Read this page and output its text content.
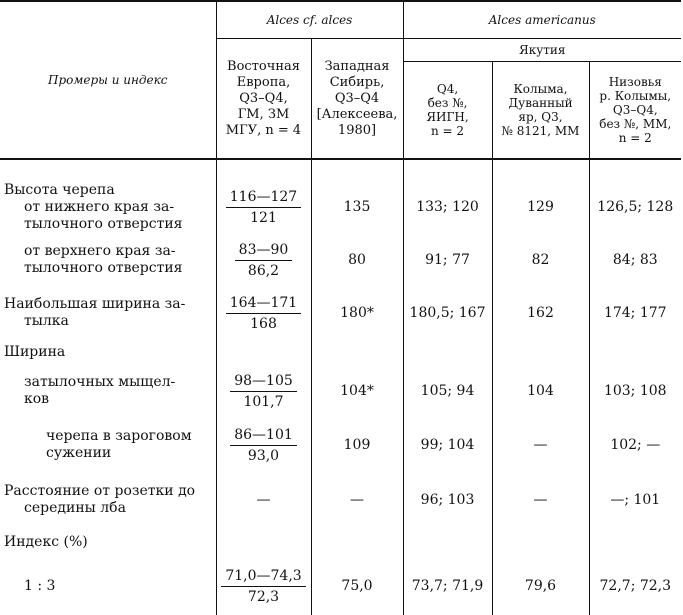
Промеры и индекс	Alces cf. alces		Alces americanus		
	Восточная
Европа,
Q3–Q4,
ГМ, ЗМ
МГУ, n = 4	Западная
Сибирь,
Q3–Q4
[Алексеева,
1980]	Якутия		
			Q4,
без №,
ЯИГН,
n = 2	Колыма,
Дуванный
яр, Q3,
№ 8121, ММ	Низовья
р. Колымы,
Q3–Q4,
без №, ММ,
n = 2

Высота черепа
от нижнего края за-
тылочного отверстия	$\frac{116—127}{121}$	135	133; 120	129	126,5; 128

от верхнего края за-
тылочного отверстия	$\frac{83—90}{86,2}$	80	91; 77	82	84; 83

Наибольшая ширина за-
тылка	$\frac{164—171}{168}$	180*	180,5; 167	162	174; 177

Ширина					

затылочных мыщел-
ков	$\frac{98—105}{101,7}$	104*	105; 94	104	103; 108

черепа в зароговом
сужении	$\frac{86—101}{93,0}$	109	99; 104	—	102; —

Расстояние от розетки до
середины лба	—	—	96; 103	—	—; 101

Индекс (%)					

1 : 3	$\frac{71,0—74,3}{72,3}$	75,0	73,7; 71,9	79,6	72,7; 72,3
